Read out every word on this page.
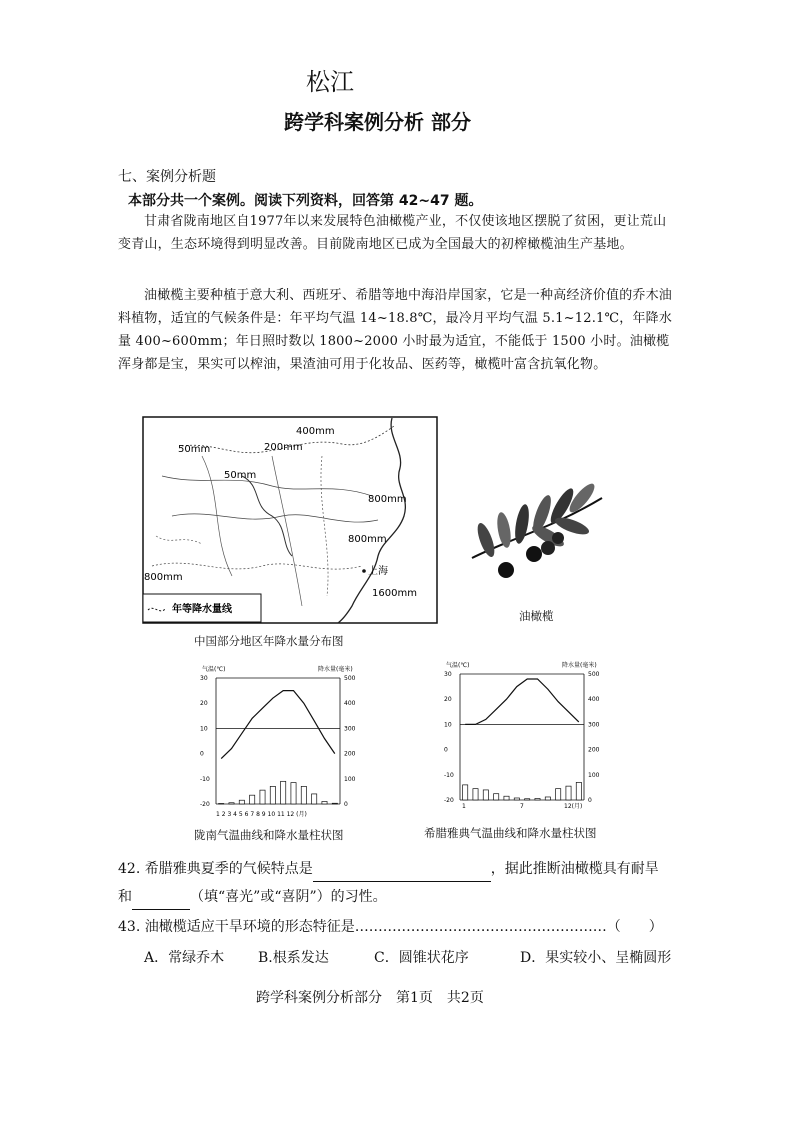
松江
跨学科案例分析 部分
七、案例分析题
本部分共一个案例。阅读下列资料，回答第 42~47 题。
甘肃省陇南地区自1977年以来发展特色油橄榄产业，不仅使该地区摆脱了贫困，更让荒山变青山，生态环境得到明显改善。目前陇南地区已成为全国最大的初榨橄榄油生产基地。
油橄榄主要种植于意大利、西班牙、希腊等地中海沿岸国家，它是一种高经济价值的乔木油料植物，适宜的气候条件是：年平均气温 14~18.8℃，最冷月平均气温 5.1~12.1℃，年降水量 400~600mm；年日照时数以 1800~2000 小时最为适宜，不能低于 1500 小时。油橄榄浑身都是宝，果实可以榨油，果渣油可用于化妆品、医药等，橄榄叶富含抗氧化物。
400mm
50mm	200mm
50mm
800mm
800mm
800mm
上海
1600mm
年等降水量线
中国部分地区年降水量分布图
油橄榄
气温(℃)	降水量(毫米)
30
20
10
0
-10
-20
500
400
300
200
100
0
1 2 3 4 5 6 7 8 9 10 11 12 (月)
陇南气温曲线和降水量柱状图
气温(℃)	降水量(毫米)
30
20
10
0
-10
-20
500
400
300
200
100
0
1	7	12(月)
希腊雅典气温曲线和降水量柱状图
42. 希腊雅典夏季的气候特点是	，据此推断油橄榄具有耐旱
和	（填“喜光”或“喜阴”）的习性。
43. 油橄榄适应干旱环境的形态特征是………………………………………………（　　）
A．常绿乔木 B.根系发达	C．圆锥状花序	D．果实较小、呈椭圆形
跨学科案例分析部分　第1页　共2页
